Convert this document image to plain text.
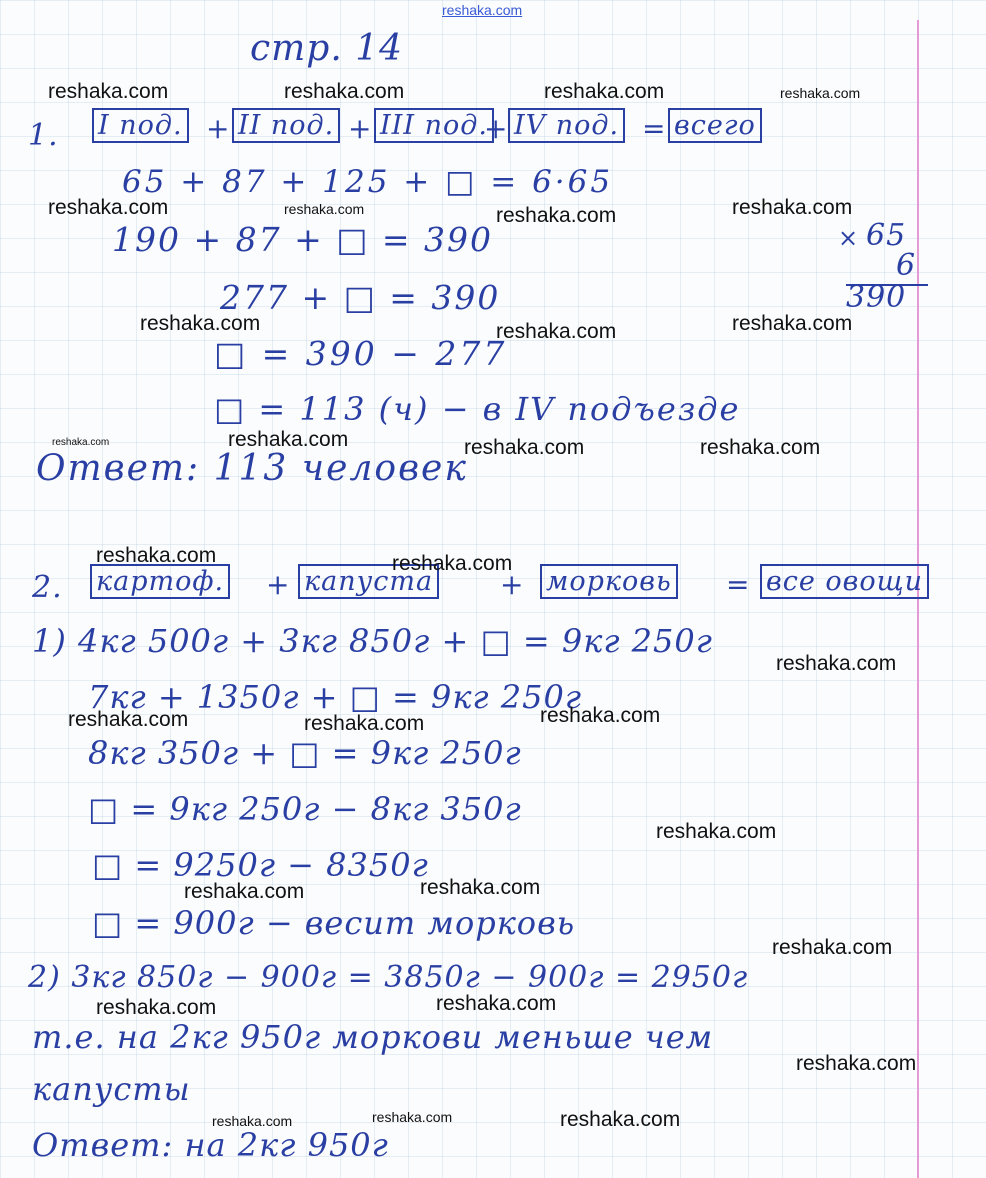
reshaka.com
стр. 14
1. I под. + II под. + III под.
+ IV под. = всего
65 + 87 + 125 + □ = 6·65
190 + 87 + □ = 390
277 + □ = 390
□ = 390 − 277
□ = 113 (ч) − в IV подъезде
Ответ: 113 человек
× 65
6
390
2. картоф. + капуста + морковь = все овощи
1) 4кг 500г + 3кг 850г + □ = 9кг 250г
7кг + 1350г + □ = 9кг 250г
8кг 350г + □ = 9кг 250г
□ = 9кг 250г − 8кг 350г
□ = 9250г − 8350г
□ = 900г − весит морковь
2) 3кг 850г − 900г = 3850г − 900г = 2950г
т.е. на 2кг 950г моркови меньше чем
капусты
Ответ: на 2кг 950г
reshaka.com	reshaka.com	reshaka.com	reshaka.com
reshaka.com	reshaka.com	reshaka.com	reshaka.com
reshaka.com	reshaka.com	reshaka.com
reshaka.com	reshaka.com	reshaka.com	reshaka.com
reshaka.com	reshaka.com
reshaka.com
reshaka.com	reshaka.com	reshaka.com
reshaka.com
reshaka.com	reshaka.com
reshaka.com
reshaka.com	reshaka.com
reshaka.com
reshaka.com	reshaka.com	reshaka.com
